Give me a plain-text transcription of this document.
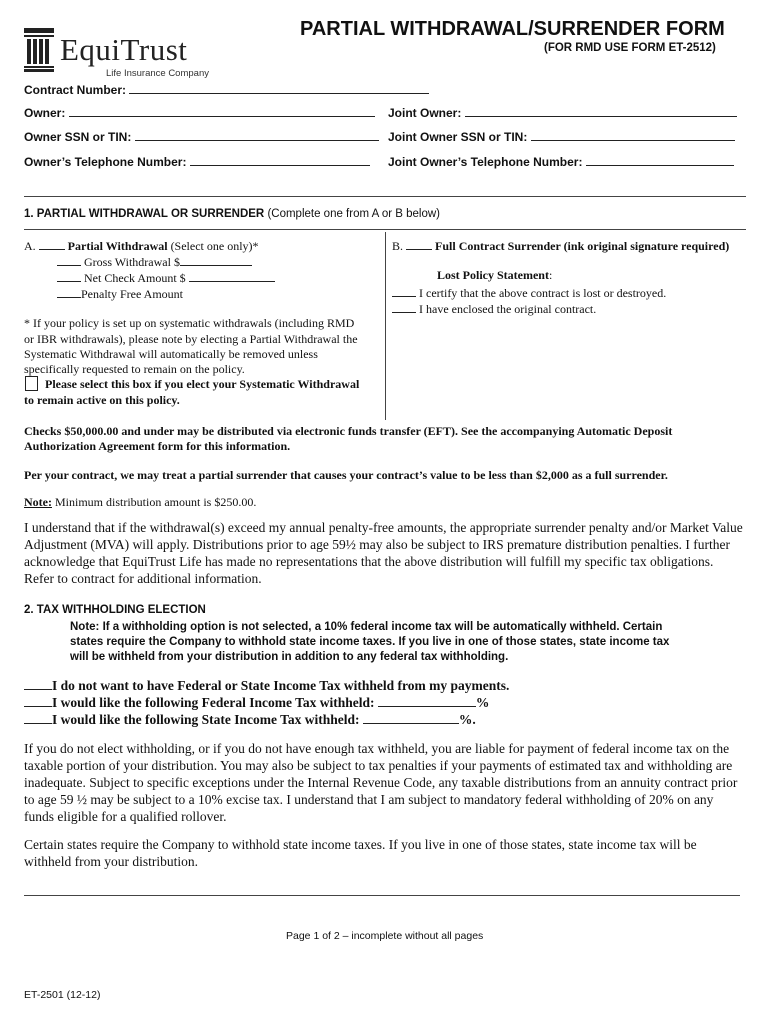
EquiTrust
Life Insurance Company
PARTIAL WITHDRAWAL/SURRENDER FORM
(FOR RMD USE FORM ET-2512)
Contract Number:
Owner:	Joint Owner:
Owner SSN or TIN:	Joint Owner SSN or TIN:
Owner’s Telephone Number:	Joint Owner’s Telephone Number:
1. PARTIAL WITHDRAWAL OR SURRENDER (Complete one from A or B below)
A.	Partial Withdrawal (Select one only)*
Gross Withdrawal $
Net Check Amount $
Penalty Free Amount
* If your policy is set up on systematic withdrawals (including RMD
or IBR withdrawals), please note by electing a Partial Withdrawal the
Systematic Withdrawal will automatically be removed unless
specifically requested to remain on the policy.
Please select this box if you elect your Systematic Withdrawal
to remain active on this policy.
B.	Full Contract Surrender (ink original signature required)
Lost Policy Statement:
I certify that the above contract is lost or destroyed.
I have enclosed the original contract.
Checks $50,000.00 and under may be distributed via electronic funds transfer (EFT). See the accompanying Automatic Deposit
Authorization Agreement form for this information.
Per your contract, we may treat a partial surrender that causes your contract’s value to be less than $2,000 as a full surrender.
Note: Minimum distribution amount is $250.00.
I understand that if the withdrawal(s) exceed my annual penalty-free amounts, the appropriate surrender penalty and/or Market Value Adjustment (MVA) will apply. Distributions prior to age 59½ may also be subject to IRS premature distribution penalties. I further acknowledge that EquiTrust Life has made no representations that the above distribution will fulfill my specific tax obligations. Refer to contract for additional information.
2. TAX WITHHOLDING ELECTION
Note: If a withholding option is not selected, a 10% federal income tax will be automatically withheld. Certain
states require the Company to withhold state income taxes. If you live in one of those states, state income tax
will be withheld from your distribution in addition to any federal tax withholding.
I do not want to have Federal or State Income Tax withheld from my payments.
I would like the following Federal Income Tax withheld:	%
I would like the following State Income Tax withheld:	%.
If you do not elect withholding, or if you do not have enough tax withheld, you are liable for payment of federal income tax on the taxable portion of your distribution. You may also be subject to tax penalties if your payments of estimated tax and withholding are inadequate. Subject to specific exceptions under the Internal Revenue Code, any taxable distributions from an annuity contract prior to age 59 ½ may be subject to a 10% excise tax. I understand that I am subject to mandatory federal withholding of 20% on any funds eligible for a qualified rollover.
Certain states require the Company to withhold state income taxes. If you live in one of those states, state income tax will be withheld from your distribution.
Page 1 of 2 – incomplete without all pages
ET-2501 (12-12)
